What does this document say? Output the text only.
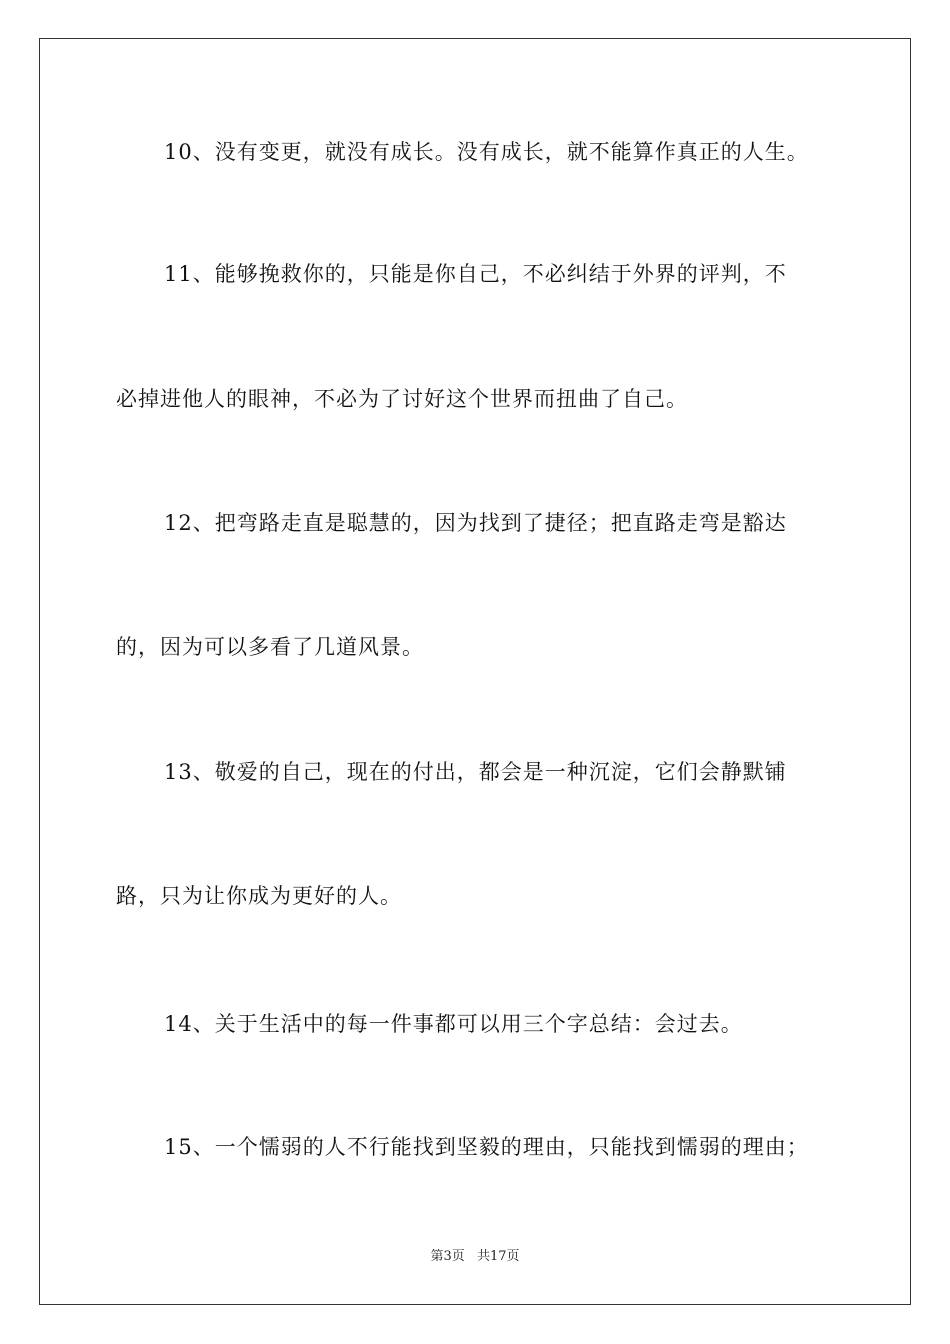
10、没有变更，就没有成长。没有成长，就不能算作真正的人生。
11、能够挽救你的，只能是你自己，不必纠结于外界的评判，不
必掉进他人的眼神，不必为了讨好这个世界而扭曲了自己。
12、把弯路走直是聪慧的，因为找到了捷径；把直路走弯是豁达
的，因为可以多看了几道风景。
13、敬爱的自己，现在的付出，都会是一种沉淀，它们会静默铺
路，只为让你成为更好的人。
14、关于生活中的每一件事都可以用三个字总结：会过去。
15、一个懦弱的人不行能找到坚毅的理由，只能找到懦弱的理由；
第3页 共17页
